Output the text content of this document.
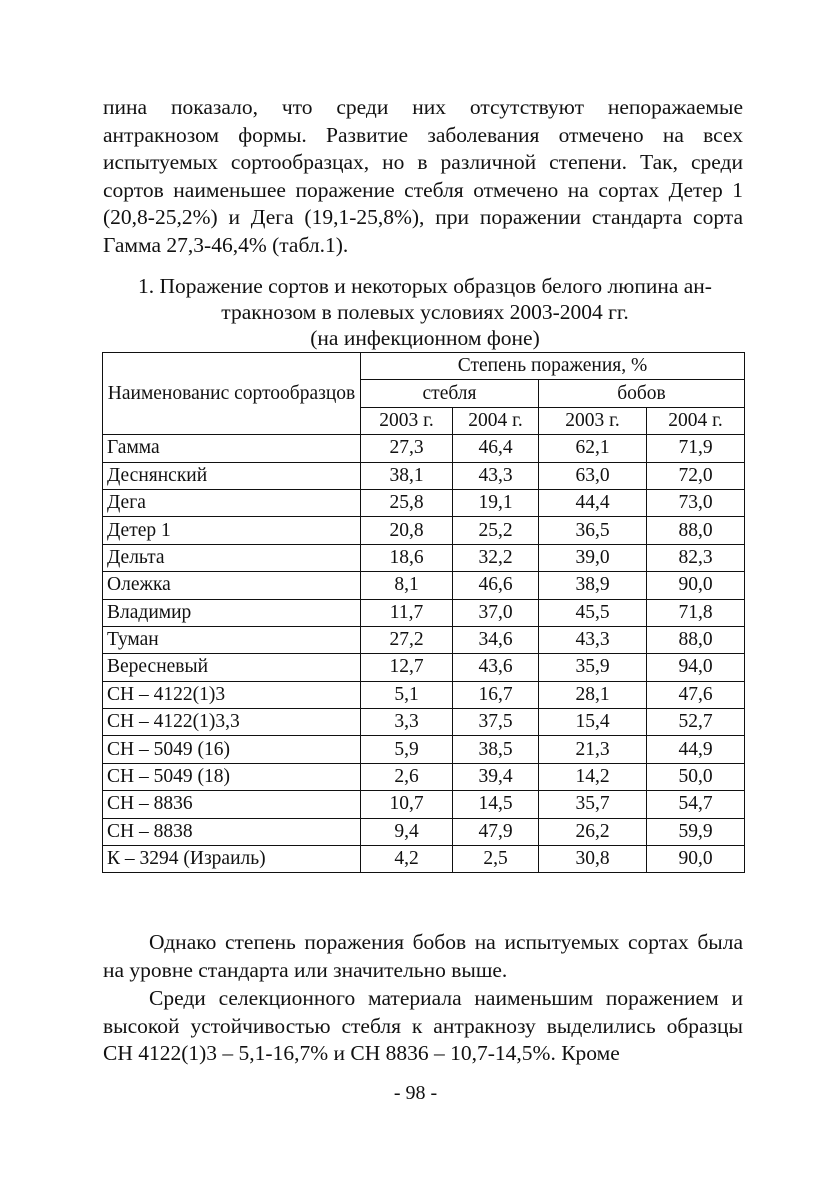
пина показало, что среди них отсутствуют непоражаемые антракнозом формы. Развитие заболевания отмечено на всех испытуемых сортообразцах, но в различной степени. Так, среди сортов наименьшее поражение стебля отмечено на сортах Детер 1 (20,8-25,2%) и Дега (19,1-25,8%), при поражении стандарта сорта Гамма 27,3-46,4% (табл.1).
1. Поражение сортов и некоторых образцов белого люпина ан-
тракнозом в полевых условиях 2003-2004 гг.
(на инфекционном фоне)
Наименованис сортообразцов	Степень поражения, %			
	стебля		бобов	
	2003 г.	2004 г.	2003 г.	2004 г.
Гамма	27,3	46,4	62,1	71,9
Деснянский	38,1	43,3	63,0	72,0
Дега	25,8	19,1	44,4	73,0
Детер 1	20,8	25,2	36,5	88,0
Дельта	18,6	32,2	39,0	82,3
Олежка	8,1	46,6	38,9	90,0
Владимир	11,7	37,0	45,5	71,8
Туман	27,2	34,6	43,3	88,0
Вересневый	12,7	43,6	35,9	94,0
СН – 4122(1)3	5,1	16,7	28,1	47,6
СН – 4122(1)3,3	3,3	37,5	15,4	52,7
СН – 5049 (16)	5,9	38,5	21,3	44,9
СН – 5049 (18)	2,6	39,4	14,2	50,0
СН – 8836	10,7	14,5	35,7	54,7
СН – 8838	9,4	47,9	26,2	59,9
К – 3294 (Израиль)	4,2	2,5	30,8	90,0
Однако степень поражения бобов на испытуемых сортах была на уровне стандарта или значительно выше.
Среди селекционного материала наименьшим поражением и высокой устойчивостью стебля к антракнозу выделились образцы СН 4122(1)3 – 5,1-16,7% и СН 8836 – 10,7-14,5%. Кроме
- 98 -
